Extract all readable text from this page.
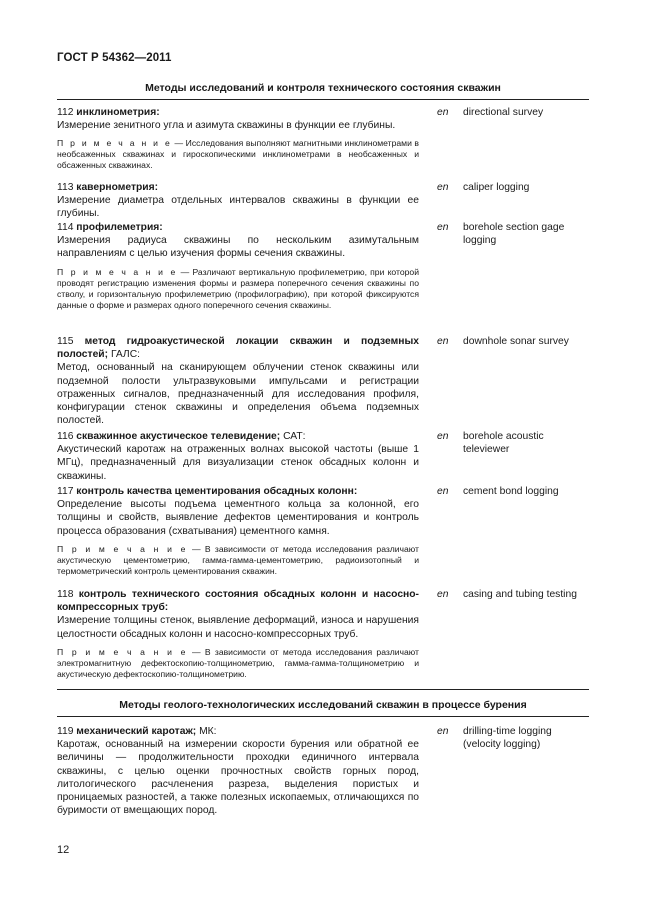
ГОСТ Р 54362—2011
Методы исследований и контроля технического состояния скважин

112 инклинометрия:

Измерение зенитного угла и азимута скважины в функции ее глубины.

П р и м е ч а н и е — Исследования выполняют магнитными инклинометрами в необсаженных скважинах и гироскопическими инклинометрами в необсаженных и обсаженных скважинах.

en directional survey

113 кавернометрия:

Измерение диаметра отдельных интервалов скважины в функции ее глубины.

en caliper logging

114 профилеметрия:

Измерения радиуса скважины по нескольким азимутальным направлениям с целью изучения формы сечения скважины.

П р и м е ч а н и е — Различают вертикальную профилеметрию, при которой проводят регистрацию изменения формы и размера поперечного сечения скважины по стволу, и горизонтальную профилеметрию (профилографию), при которой фиксируются данные о форме и размерах одного поперечного сечения скважины.

en borehole section gage logging

115 метод гидроакустической локации скважин и подземных полостей; ГАЛС:

Метод, основанный на сканирующем облучении стенок скважины или подземной полости ультразвуковыми импульсами и регистрации отраженных сигналов, предназначенный для исследования профиля, конфигурации стенок скважины и определения объема подземных полостей.

en downhole sonar survey

116 скважинное акустическое телевидение; САТ:

Акустический каротаж на отраженных волнах высокой частоты (выше 1 МГц), предназначенный для визуализации стенок обсадных колонн и скважины.

en borehole acoustic televiewer

117 контроль качества цементирования обсадных колонн:

Определение высоты подъема цементного кольца за колонной, его толщины и свойств, выявление дефектов цементирования и контроль процесса образования (схватывания) цементного камня.

П р и м е ч а н и е — В зависимости от метода исследования различают акустическую цементометрию, гамма-гамма-цементометрию, радиоизотопный и термометрический контроль цементирования скважин.

en cement bond logging

118 контроль технического состояния обсадных колонн и насосно-компрессорных труб:

Измерение толщины стенок, выявление деформаций, износа и нарушения целостности обсадных колонн и насосно-компрессорных труб.

П р и м е ч а н и е — В зависимости от метода исследования различают электромагнитную дефектоскопию-толщинометрию, гамма-гамма-толщинометрию и акустическую дефектоскопию-толщинометрию.

en casing and tubing testing
Методы геолого-технологических исследований скважин в процессе бурения

119 механический каротаж; МК:

Каротаж, основанный на измерении скорости бурения или обратной ее величины — продолжительности проходки единичного интервала скважины, с целью оценки прочностных свойств горных пород, литологического расчленения разреза, выделения пористых и проницаемых разностей, а также полезных ископаемых, отличающихся по буримости от вмещающих пород.

en drilling-time logging (velocity logging)
12
